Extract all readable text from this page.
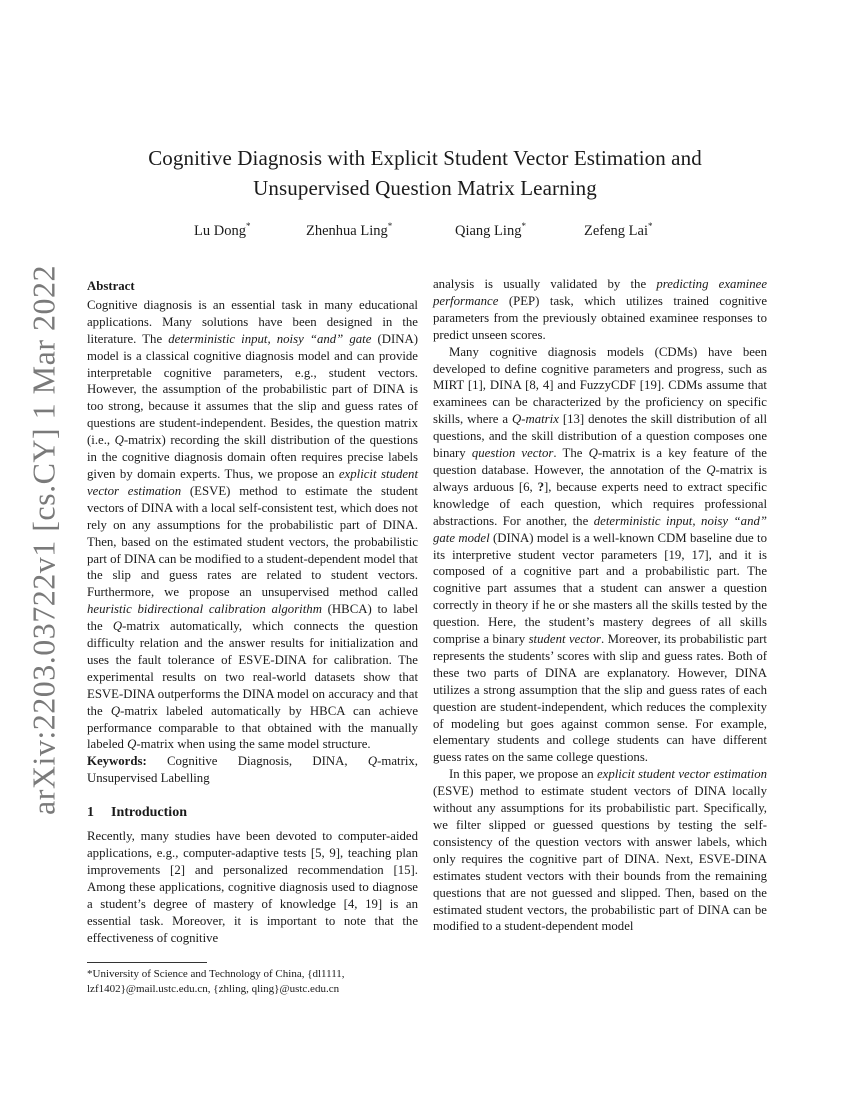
arXiv:2203.03722v1 [cs.CY] 1 Mar 2022
Cognitive Diagnosis with Explicit Student Vector Estimation and
Unsupervised Question Matrix Learning
Lu Dong*	Zhenhua Ling*	Qiang Ling*	Zefeng Lai*
Abstract

Cognitive diagnosis is an essential task in many educational applications. Many solutions have been designed in the literature. The deterministic input, noisy “and” gate (DINA) model is a classical cognitive diagnosis model and can provide interpretable cognitive parameters, e.g., student vectors. However, the assumption of the probabilistic part of DINA is too strong, because it assumes that the slip and guess rates of questions are student-independent. Besides, the question matrix (i.e., Q-matrix) recording the skill distribution of the questions in the cognitive diagnosis domain often requires precise labels given by domain experts. Thus, we propose an explicit student vector estimation (ESVE) method to estimate the student vectors of DINA with a local self-consistent test, which does not rely on any assumptions for the probabilistic part of DINA. Then, based on the estimated student vectors, the probabilistic part of DINA can be modified to a student-dependent model that the slip and guess rates are related to student vectors. Furthermore, we propose an unsupervised method called heuristic bidirectional calibration algorithm (HBCA) to label the Q-matrix automatically, which connects the question difficulty relation and the answer results for initialization and uses the fault tolerance of ESVE-DINA for calibration. The experimental results on two real-world datasets show that ESVE-DINA outperforms the DINA model on accuracy and that the Q-matrix labeled automatically by HBCA can achieve performance comparable to that obtained with the manually labeled Q-matrix when using the same model structure.

Keywords: Cognitive Diagnosis, DINA, Q-matrix, Unsupervised Labelling

1 Introduction

Recently, many studies have been devoted to computer-aided applications, e.g., computer-adaptive tests [5, 9], teaching plan improvements [2] and personalized recommendation [15]. Among these applications, cognitive diagnosis used to diagnose a student’s degree of mastery of knowledge [4, 19] is an essential task. Moreover, it is important to note that the effectiveness of cognitive

*University of Science and Technology of China, {dl1111, lzf1402}@mail.ustc.edu.cn, {zhling, qling}@ustc.edu.cn

analysis is usually validated by the predicting examinee performance (PEP) task, which utilizes trained cognitive parameters from the previously obtained examinee responses to predict unseen scores.

Many cognitive diagnosis models (CDMs) have been developed to define cognitive parameters and progress, such as MIRT [1], DINA [8, 4] and FuzzyCDF [19]. CDMs assume that examinees can be characterized by the proficiency on specific skills, where a Q-matrix [13] denotes the skill distribution of all questions, and the skill distribution of a question composes one binary question vector. The Q-matrix is a key feature of the question database. However, the annotation of the Q-matrix is always arduous [6, ?], because experts need to extract specific knowledge of each question, which requires professional abstractions. For another, the deterministic input, noisy “and” gate model (DINA) model is a well-known CDM baseline due to its interpretive student vector parameters [19, 17], and it is composed of a cognitive part and a probabilistic part. The cognitive part assumes that a student can answer a question correctly in theory if he or she masters all the skills tested by the question. Here, the student’s mastery degrees of all skills comprise a binary student vector. Moreover, its probabilistic part represents the students’ scores with slip and guess rates. Both of these two parts of DINA are explanatory. However, DINA utilizes a strong assumption that the slip and guess rates of each question are student-independent, which reduces the complexity of modeling but goes against common sense. For example, elementary students and college students can have different guess rates on the same college questions.

In this paper, we propose an explicit student vector estimation (ESVE) method to estimate student vectors of DINA locally without any assumptions for its probabilistic part. Specifically, we filter slipped or guessed questions by testing the self-consistency of the question vectors with answer labels, which only requires the cognitive part of DINA. Next, ESVE-DINA estimates student vectors with their bounds from the remaining questions that are not guessed and slipped. Then, based on the estimated student vectors, the probabilistic part of DINA can be modified to a student-dependent model
